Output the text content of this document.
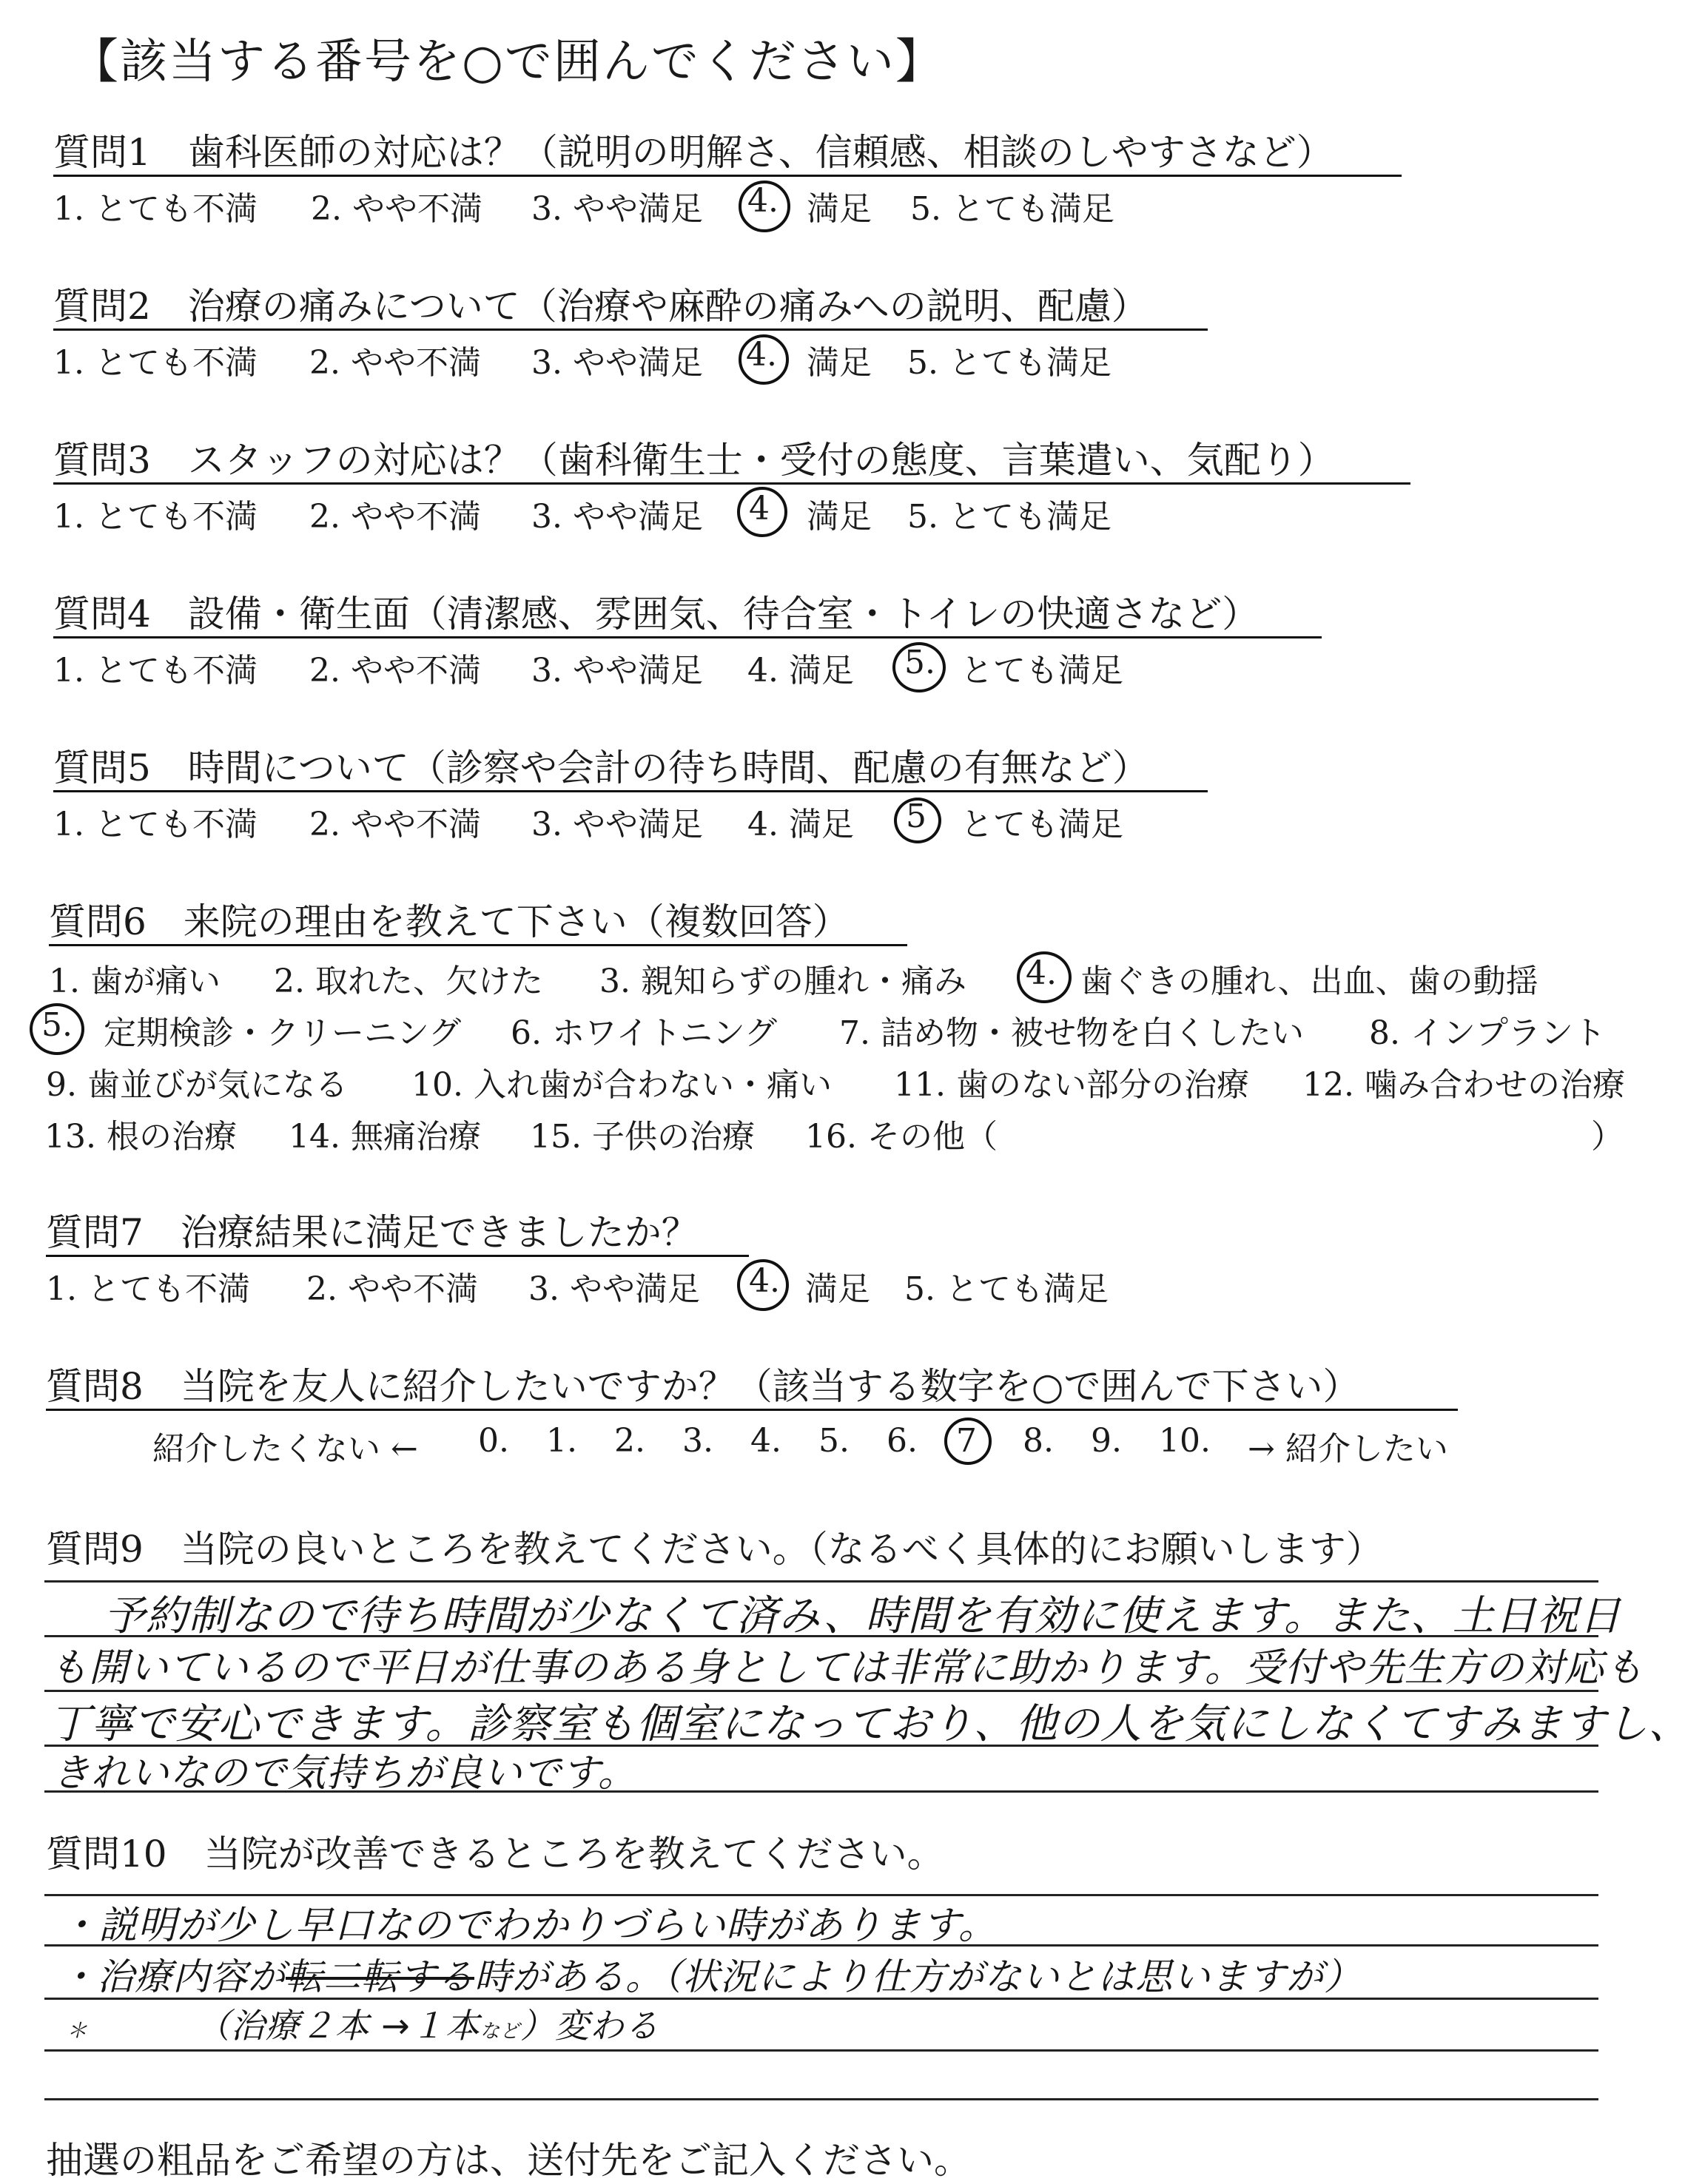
【該当する番号を○で囲んでください】
質問1　歯科医師の対応は？（説明の明解さ、信頼感、相談のしやすさなど）
1. とても不満 2. やや不満 3. やや満足 4. 満足 5. とても満足
質問2　治療の痛みについて（治療や麻酔の痛みへの説明、配慮）
1. とても不満 2. やや不満 3. やや満足 4. 満足 5. とても満足
質問3　スタッフの対応は？（歯科衛生士・受付の態度、言葉遣い、気配り）
1. とても不満 2. やや不満 3. やや満足 4 満足 5. とても満足
質問4　設備・衛生面（清潔感、雰囲気、待合室・トイレの快適さなど）
1. とても不満 2. やや不満 3. やや満足 4. 満足 5. とても満足
質問5　時間について（診察や会計の待ち時間、配慮の有無など）
1. とても不満 2. やや不満 3. やや満足 4. 満足 5 とても満足
質問6　来院の理由を教えて下さい（複数回答）
1. 歯が痛い 2. 取れた、欠けた 3. 親知らずの腫れ・痛み 4. 歯ぐきの腫れ、出血、歯の動揺
5. 定期検診・クリーニング 6. ホワイトニング 7. 詰め物・被せ物を白くしたい 8. インプラント
9. 歯並びが気になる 10. 入れ歯が合わない・痛い 11. 歯のない部分の治療 12. 噛み合わせの治療
13. 根の治療 14. 無痛治療 15. 子供の治療 16. その他（	）
質問7　治療結果に満足できましたか？
1. とても不満 2. やや不満 3. やや満足 4. 満足 5. とても満足
質問8　当院を友人に紹介したいですか？（該当する数字を○で囲んで下さい）
紹介したくない ← 0. 1. 2. 3. 4. 5. 6. 7 8. 9. 10. → 紹介したい
質問9　当院の良いところを教えてください。（なるべく具体的にお願いします）
予約制なので待ち時間が少なくて済み、時間を有効に使えます。また、土日祝日
も開いているので平日が仕事のある身としては非常に助かります。受付や先生方の対応も
丁寧で安心できます。診察室も個室になっており、他の人を気にしなくてすみますし、
きれいなので気持ちが良いです。
質問10　当院が改善できるところを教えてください。
・説明が少し早口なのでわかりづらい時があります。
・治療内容が転二転する時がある。（状況により仕方がないとは思いますが）
＊	（治療２本 →１本など）変わる
抽選の粗品をご希望の方は、送付先をご記入ください。
